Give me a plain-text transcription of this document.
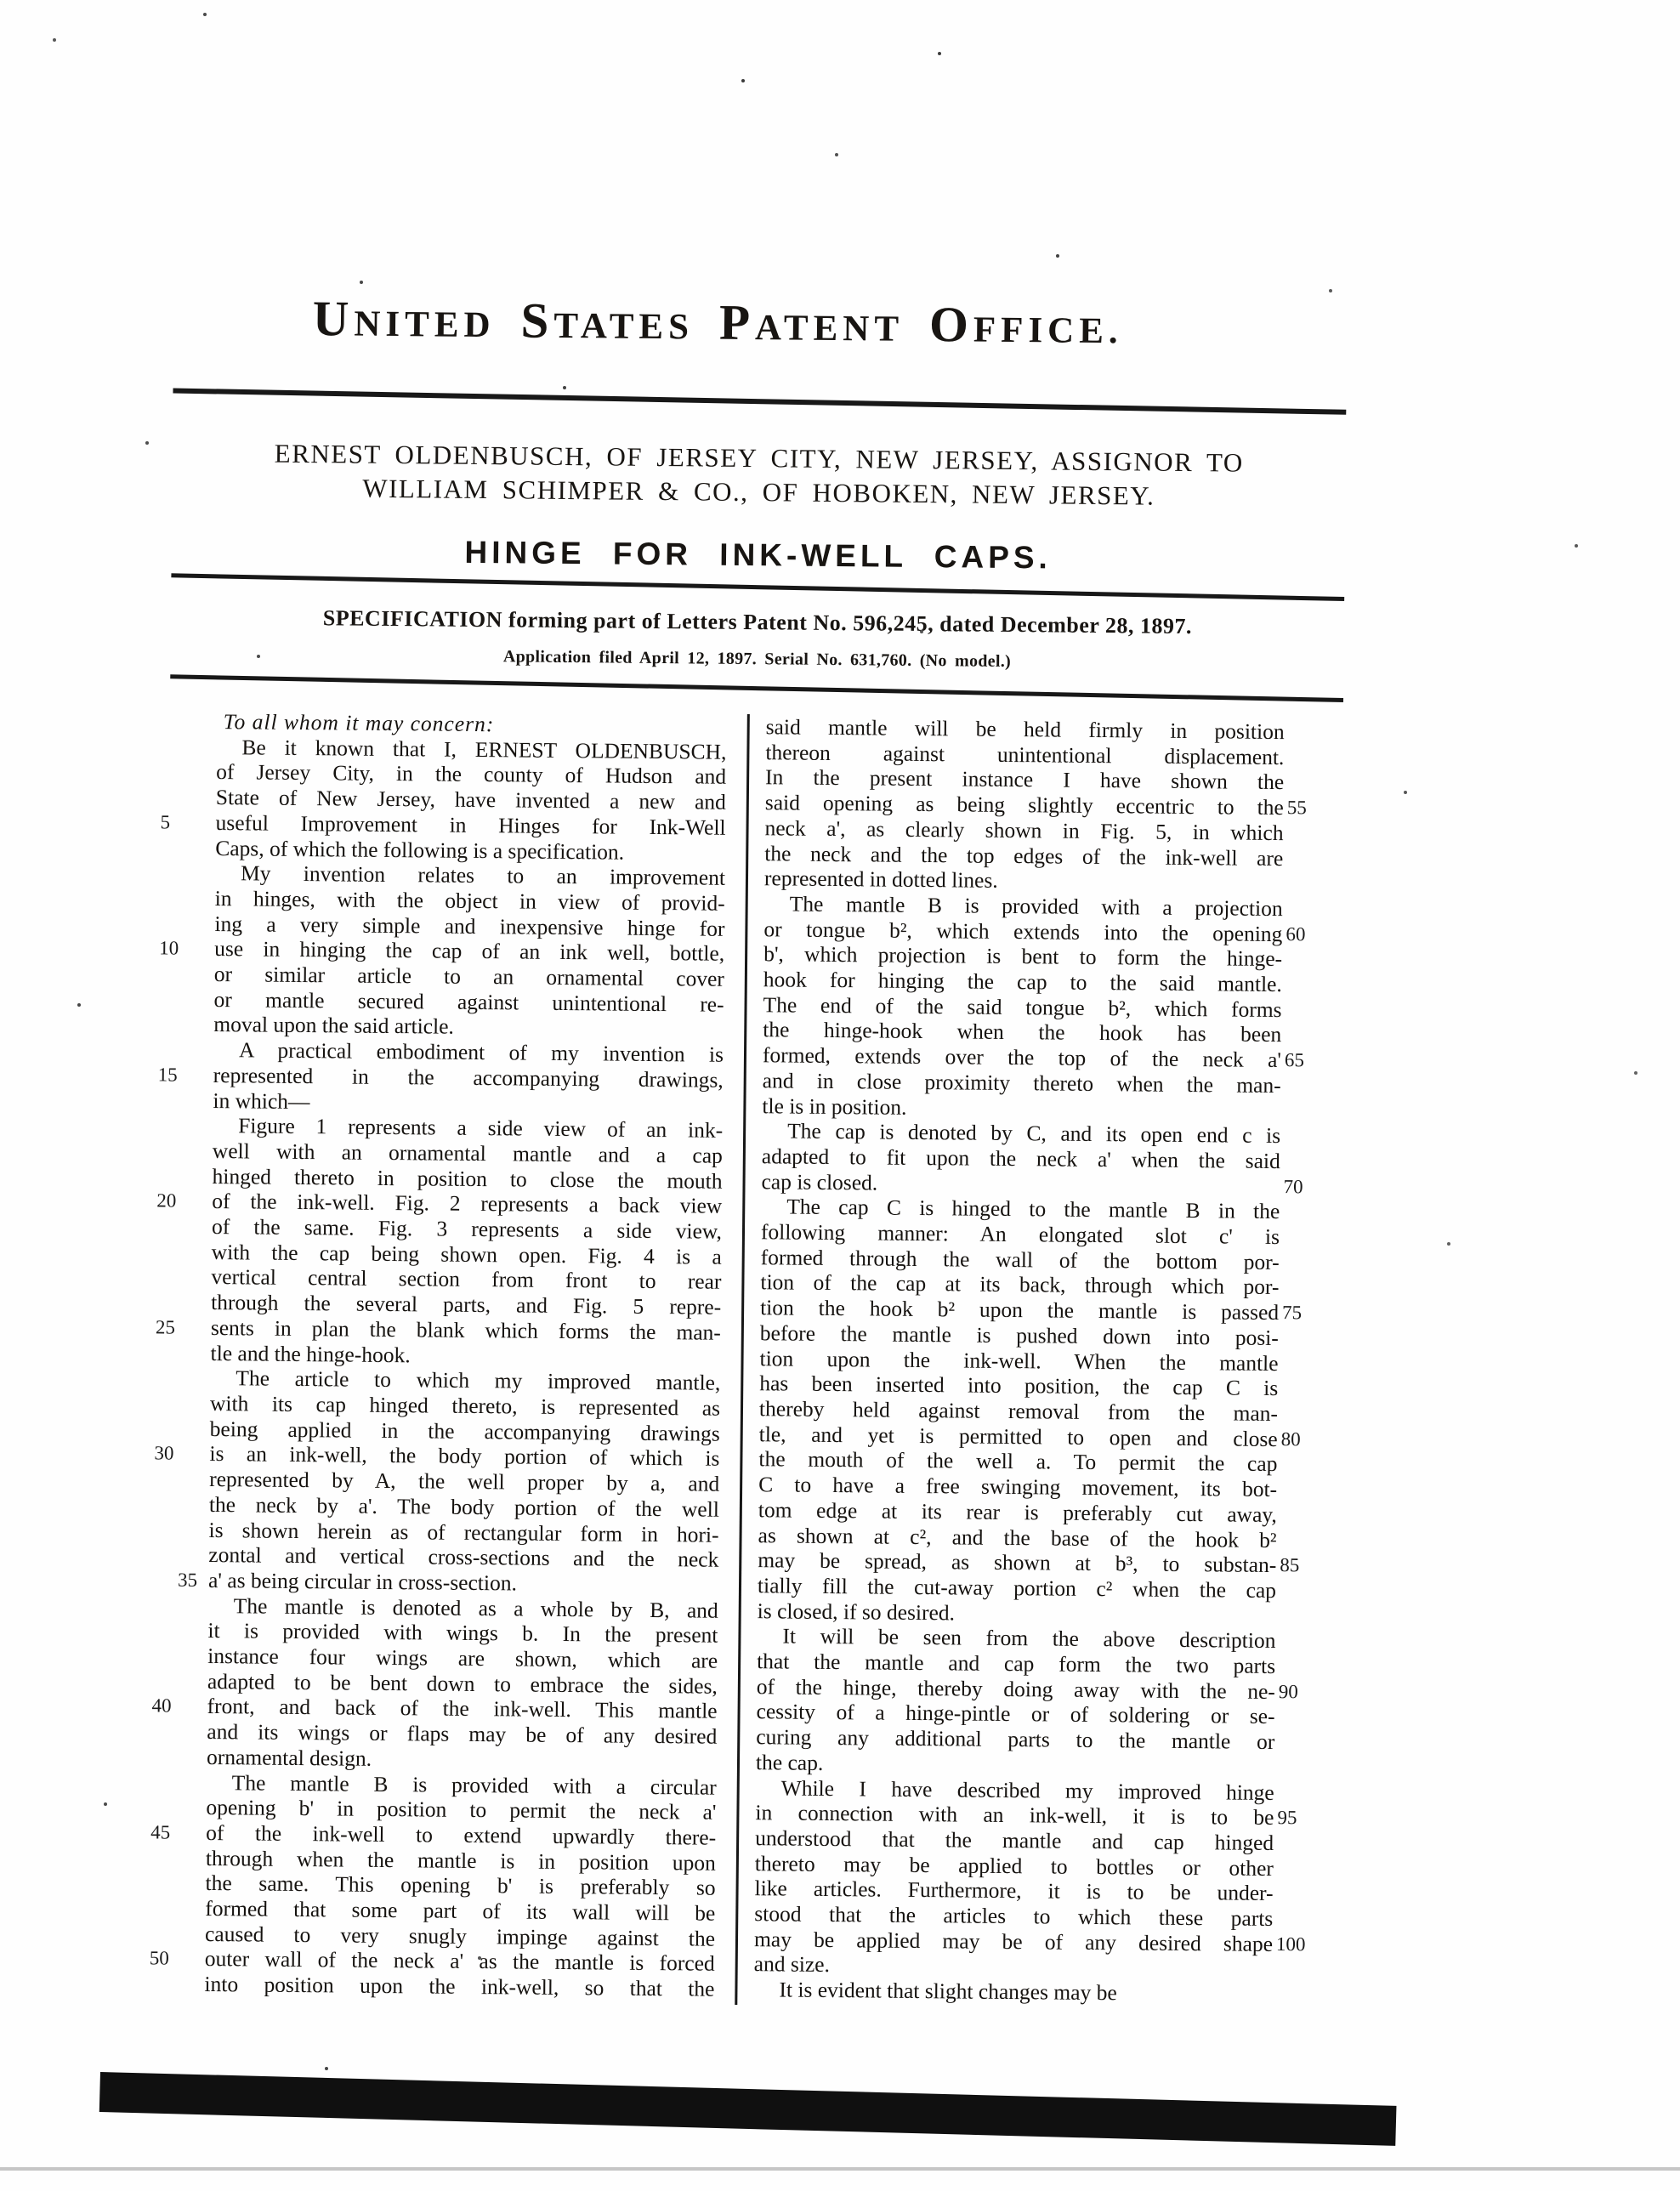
UNITED STATES PATENT OFFICE.
ERNEST OLDENBUSCH, OF JERSEY CITY, NEW JERSEY, ASSIGNOR TO
WILLIAM SCHIMPER & CO., OF HOBOKEN, NEW JERSEY.
HINGE FOR INK-WELL CAPS.
SPECIFICATION forming part of Letters Patent No. 596,245, dated December 28, 1897.
Application filed April 12, 1897. Serial No. 631,760. (No model.)
To all whom it may concern:
Be it known that I, ERNEST OLDENBUSCH,
of Jersey City, in the county of Hudson and
State of New Jersey, have invented a new and
5	useful Improvement in Hinges for Ink-Well
Caps, of which the following is a specification.
My invention relates to an improvement
in hinges, with the object in view of provid-
ing a very simple and inexpensive hinge for
10	use in hinging the cap of an ink well, bottle,
or similar article to an ornamental cover
or mantle secured against unintentional re-
moval upon the said article.
A practical embodiment of my invention is
15	represented in the accompanying drawings,
in which—
Figure 1 represents a side view of an ink-
well with an ornamental mantle and a cap
hinged thereto in position to close the mouth
20	of the ink-well. Fig. 2 represents a back view
of the same. Fig. 3 represents a side view,
with the cap being shown open. Fig. 4 is a
vertical central section from front to rear
through the several parts, and Fig. 5 repre-
25	sents in plan the blank which forms the man-
tle and the hinge-hook.
The article to which my improved mantle,
with its cap hinged thereto, is represented as
being applied in the accompanying drawings
30	is an ink-well, the body portion of which is
represented by A, the well proper by a, and
the neck by a'. The body portion of the well
is shown herein as of rectangular form in hori-
zontal and vertical cross-sections and the neck
35 a' as being circular in cross-section.
The mantle is denoted as a whole by B, and
it is provided with wings b. In the present
instance four wings are shown, which are
adapted to be bent down to embrace the sides,
40	front, and back of the ink-well. This mantle
and its wings or flaps may be of any desired
ornamental design.
The mantle B is provided with a circular
opening b' in position to permit the neck a'
45	of the ink-well to extend upwardly there-
through when the mantle is in position upon
the same. This opening b' is preferably so
formed that some part of its wall will be
caused to very snugly impinge against the
50	outer wall of the neck a' as the mantle is forced
into position upon the ink-well, so that the
said mantle will be held firmly in position
thereon against unintentional displacement.
In the present instance I have shown the
55
said opening as being slightly eccentric to the
neck a', as clearly shown in Fig. 5, in which
the neck and the top edges of the ink-well are
represented in dotted lines.
The mantle B is provided with a projection
60
or tongue b², which extends into the opening
b', which projection is bent to form the hinge-
hook for hinging the cap to the said mantle.
The end of the said tongue b², which forms
the hinge-hook when the hook has been
65
formed, extends over the top of the neck a'
and in close proximity thereto when the man-
tle is in position.
The cap is denoted by C, and its open end c is
adapted to fit upon the neck a' when the said
70
cap is closed.
The cap C is hinged to the mantle B in the
following manner: An elongated slot c' is
formed through the wall of the bottom por-
tion of the cap at its back, through which por-
75
tion the hook b² upon the mantle is passed
before the mantle is pushed down into posi-
tion upon the ink-well. When the mantle
has been inserted into position, the cap C is
thereby held against removal from the man-
80
tle, and yet is permitted to open and close
the mouth of the well a. To permit the cap
C to have a free swinging movement, its bot-
tom edge at its rear is preferably cut away,
as shown at c², and the base of the hook b²
85
may be spread, as shown at b³, to substan-
tially fill the cut-away portion c² when the cap
is closed, if so desired.
It will be seen from the above description
that the mantle and cap form the two parts
90
of the hinge, thereby doing away with the ne-
cessity of a hinge-pintle or of soldering or se-
curing any additional parts to the mantle or
the cap.
While I have described my improved hinge
95
in connection with an ink-well, it is to be
understood that the mantle and cap hinged
thereto may be applied to bottles or other
like articles. Furthermore, it is to be under-
stood that the articles to which these parts
100
may be applied may be of any desired shape
and size.
It is evident that slight changes may be
